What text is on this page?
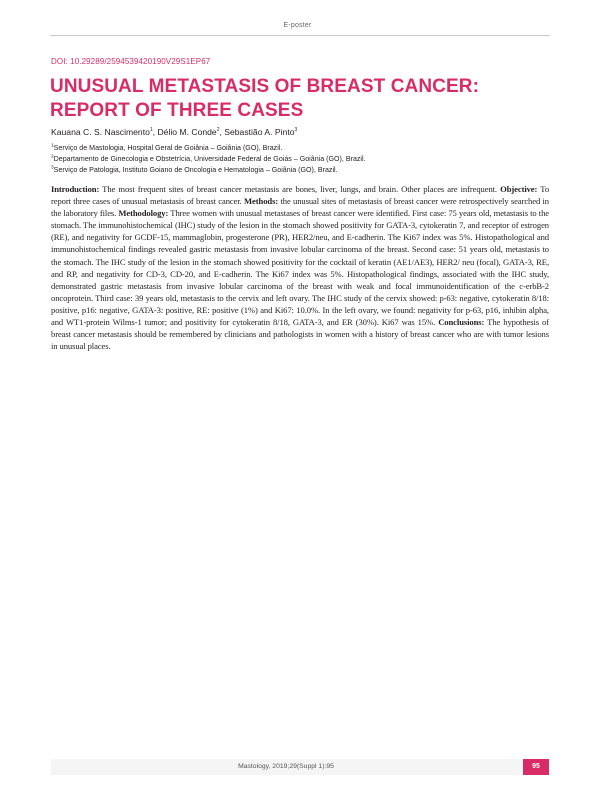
E-poster
DOI: 10.29289/2594539420190V29S1EP67
UNUSUAL METASTASIS OF BREAST CANCER:
REPORT OF THREE CASES
Kauana C. S. Nascimento$^1$, Délio M. Conde$^2$, Sebastião A. Pinto$^3$
$^1$Serviço de Mastologia, Hospital Geral de Goiânia – Goiânia (GO), Brazil.
$^2$Departamento de Ginecologia e Obstetrícia, Universidade Federal de Goiás – Goiânia (GO), Brazil.
$^3$Serviço de Patologia, Instituto Goiano de Oncologia e Hematologia – Goiânia (GO), Brazil.

Introduction: The most frequent sites of breast cancer metastasis are bones, liver, lungs, and brain. Other places are infrequent. Objective: To report three cases of unusual metastasis of breast cancer. Methods: the unusual sites of metastasis of breast cancer were retrospectively searched in the laboratory files. Methodology: Three women with unusual metastases of breast cancer were identified. First case: 75 years old, metastasis to the stomach. The immunohistochemical (IHC) study of the lesion in the stomach showed positivity for GATA-3, cytokeratin 7, and receptor of estrogen (RE), and negativity for GCDF-15, mammaglobin, progesterone (PR), HER2/neu, and E-cadherin. The Ki67 index was 5%. Histopathological and immunohistochemical findings revealed gastric metastasis from invasive lobular carcinoma of the breast. Second case: 51 years old, metastasis to the stomach. The IHC study of the lesion in the stomach showed positivity for the cocktail of keratin (AE1/AE3), HER2/ neu (focal), GATA-3, RE, and RP, and negativity for CD-3, CD-20, and E-cadherin. The Ki67 index was 5%. Histopathological findings, associated with the IHC study, demonstrated gastric metastasis from invasive lobular carcinoma of the breast with weak and focal immunoidentification of the c-erbB-2 oncoprotein. Third case: 39 years old, metastasis to the cervix and left ovary. The IHC study of the cervix showed: p-63: negative, cytokeratin 8/18: positive, p16: negative, GATA-3: positive, RE: positive (1%) and Ki67: 10.0%. In the left ovary, we found: negativity for p-63, p16, inhibin alpha, and WT1-protein Wilms-1 tumor; and positivity for cytokeratin 8/18, GATA-3, and ER (30%). Ki67 was 15%. Conclusions: The hypothesis of breast cancer metastasis should be remembered by clinicians and pathologists in women with a history of breast cancer who are with tumor lesions in unusual places.

Mastology, 2019;29(Suppl 1):95	95
